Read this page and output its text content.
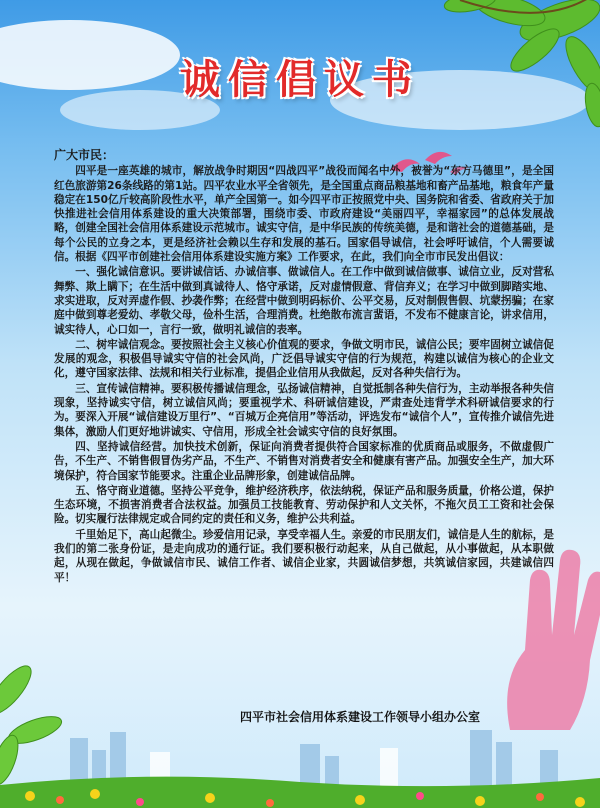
诚信倡议书
广大市民：

四平是一座英雄的城市，解放战争时期因“四战四平”战役而闻名中外，被誉为“东方马德里”，是全国红色旅游第26条线路的第1站。四平农业水平全省领先，是全国重点商品粮基地和畜产品基地，粮食年产量稳定在150亿斤较高阶段性水平，单产全国第一。如今四平市正按照党中央、国务院和省委、省政府关于加快推进社会信用体系建设的重大决策部署，围绕市委、市政府建设“美丽四平，幸福家园”的总体发展战略，创建全国社会信用体系建设示范城市。诚实守信，是中华民族的传统美德，是和谐社会的道德基础，是每个公民的立身之本，更是经济社会赖以生存和发展的基石。国家倡导诚信，社会呼吁诚信，个人需要诚信。根据《四平市创建社会信用体系建设实施方案》工作要求，在此，我们向全市市民发出倡议：

一、强化诚信意识。要讲诚信话、办诚信事、做诚信人。在工作中做到诚信做事、诚信立业，反对营私舞弊、欺上瞒下；在生活中做到真诚待人、恪守承诺，反对虚情假意、背信弃义；在学习中做到脚踏实地、求实进取，反对弄虚作假、抄袭作弊；在经营中做到明码标价、公平交易，反对制假售假、坑蒙拐骗；在家庭中做到尊老爱幼、孝敬父母，俭朴生活，合理消费。杜绝散布流言蜚语，不发布不健康言论，讲求信用，诚实待人，心口如一，言行一致，做明礼诚信的表率。

二、树牢诚信观念。要按照社会主义核心价值观的要求，争做文明市民，诚信公民；要牢固树立诚信促发展的观念，积极倡导诚实守信的社会风尚，广泛倡导诚实守信的行为规范，构建以诚信为核心的企业文化，遵守国家法律、法规和相关行业标准，提倡企业信用从我做起，反对各种失信行为。

三、宣传诚信精神。要积极传播诚信理念，弘扬诚信精神，自觉抵制各种失信行为，主动举报各种失信现象，坚持诚实守信，树立诚信风尚；要重视学术、科研诚信建设，严肃查处违背学术科研诚信要求的行为。要深入开展“诚信建设万里行”、“百城万企亮信用”等活动，评选发布“诚信个人”，宣传推介诚信先进集体，激励人们更好地讲诚实、守信用，形成全社会诚实守信的良好氛围。

四、坚持诚信经营。加快技术创新，保证向消费者提供符合国家标准的优质商品或服务，不做虚假广告，不生产、不销售假冒伪劣产品，不生产、不销售对消费者安全和健康有害产品。加强安全生产，加大环境保护，符合国家节能要求。注重企业品牌形象，创建诚信品牌。

五、恪守商业道德。坚持公平竞争，维护经济秩序，依法纳税，保证产品和服务质量，价格公道，保护生态环境，不损害消费者合法权益。加强员工技能教育、劳动保护和人文关怀，不拖欠员工工资和社会保险。切实履行法律规定或合同约定的责任和义务，维护公共利益。

千里始足下，高山起微尘。珍爱信用记录，享受幸福人生。亲爱的市民朋友们，诚信是人生的航标，是我们的第二张身份证，是走向成功的通行证。我们要积极行动起来，从自己做起，从小事做起，从本职做起，从现在做起，争做诚信市民、诚信工作者、诚信企业家，共圆诚信梦想，共筑诚信家园，共建诚信四平！

四平市社会信用体系建设工作领导小组办公室
